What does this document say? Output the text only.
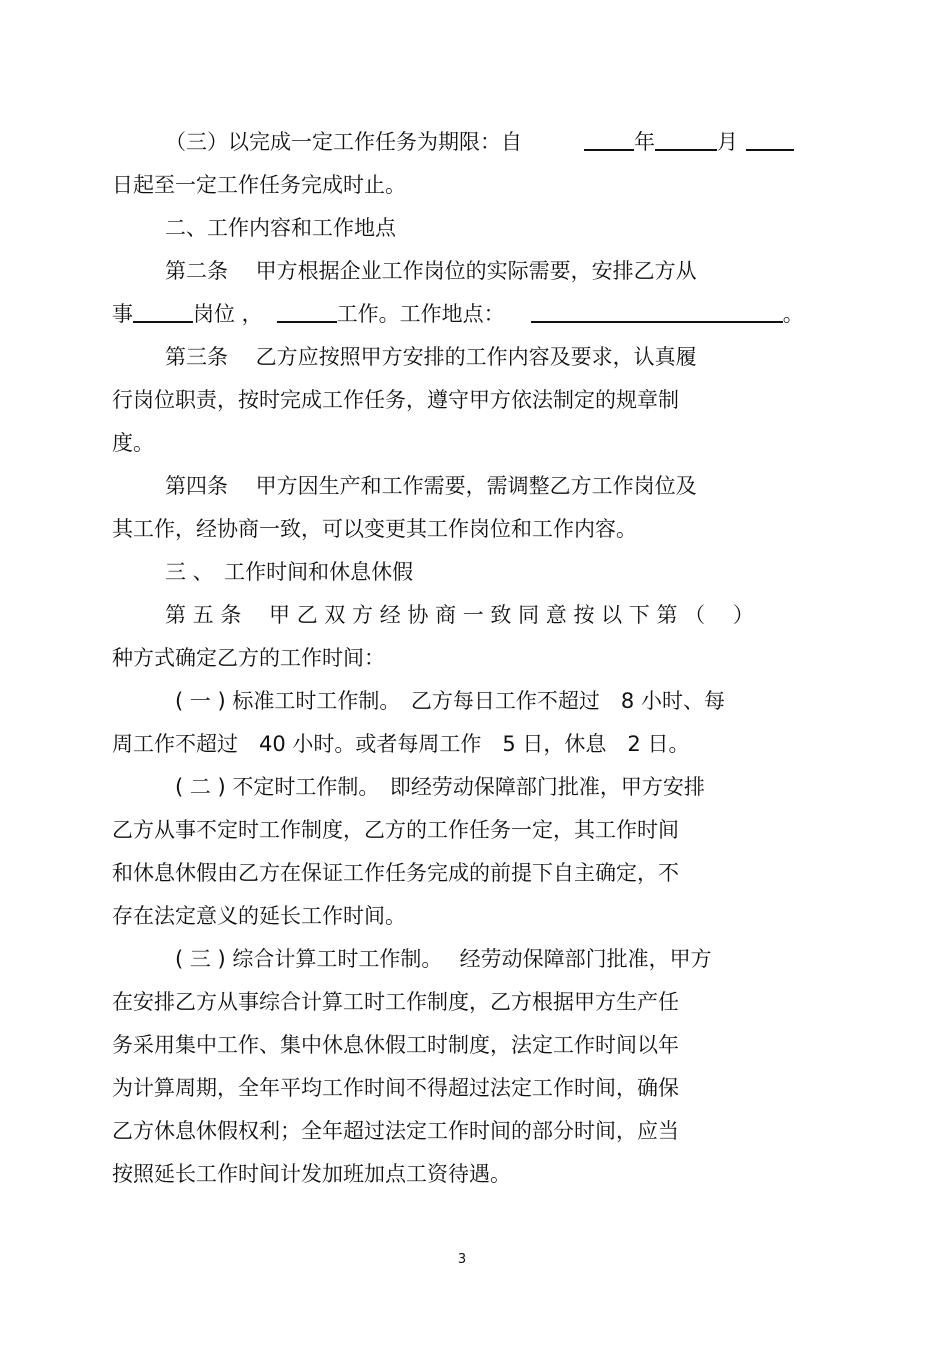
（三）以完成一定工作任务为期限：自	年	月
日起至一定工作任务完成时止。
二、工作内容和工作地点
第二条　 甲方根据企业工作岗位的实际需要，安排乙方从
事	岗位 ，	工作。工作地点：	。
第三条　 乙方应按照甲方安排的工作内容及要求，认真履
行岗位职责，按时完成工作任务，遵守甲方依法制定的规章制
度。
第四条　 甲方因生产和工作需要，需调整乙方工作岗位及
其工作，经协商一致，可以变更其工作岗位和工作内容。
三 、　工作时间和休息休假
第 五 条　 甲 乙 双 方 经 协 商 一 致 同 意 按 以 下 第 （　 ）
种方式确定乙方的工作时间：
( 一 ) 标准工时工作制。　乙方每日工作不超过　8 小时、每
周工作不超过　40 小时。或者每周工作　5 日，休息　2 日。
( 二 ) 不定时工作制。　即经劳动保障部门批准，甲方安排
乙方从事不定时工作制度，乙方的工作任务一定，其工作时间
和休息休假由乙方在保证工作任务完成的前提下自主确定，不
存在法定意义的延长工作时间。
( 三 ) 综合计算工时工作制。　 经劳动保障部门批准，甲方
在安排乙方从事综合计算工时工作制度，乙方根据甲方生产任
务采用集中工作、集中休息休假工时制度，法定工作时间以年
为计算周期，全年平均工作时间不得超过法定工作时间，确保
乙方休息休假权利；全年超过法定工作时间的部分时间，应当
按照延长工作时间计发加班加点工资待遇。
3
